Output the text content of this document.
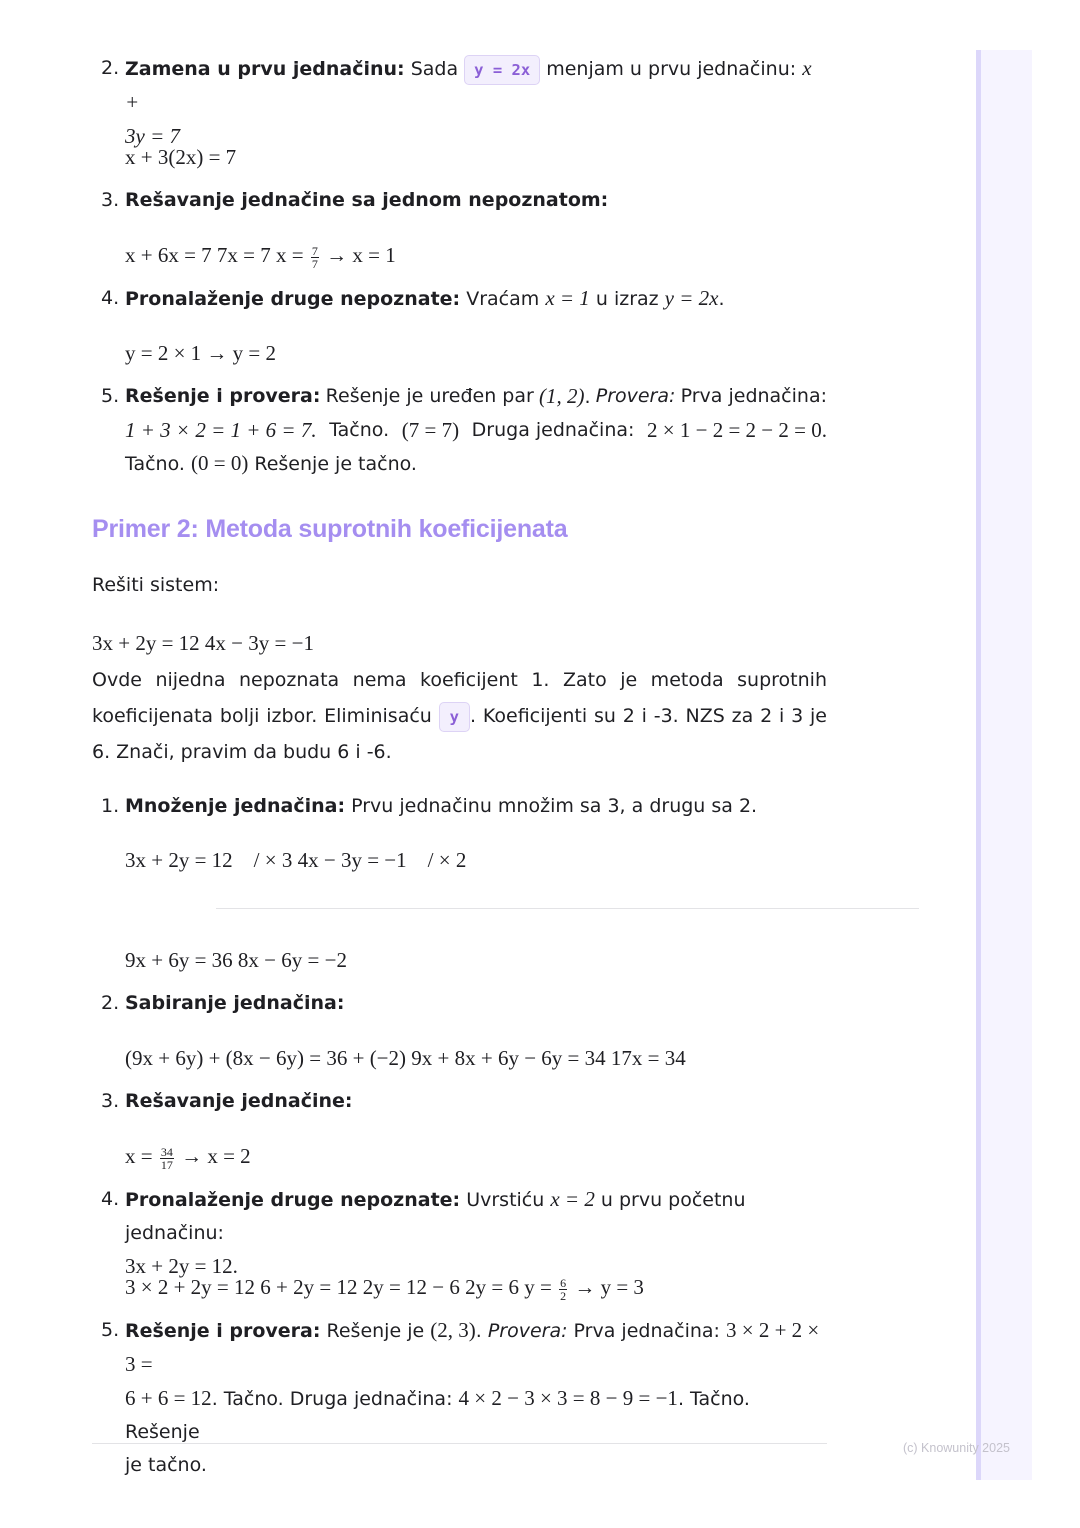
2. Zamena u prvu jednačinu: Sada y = 2x menjam u prvu jednačinu: x +
3y = 7
x + 3(2x) = 7
3. Rešavanje jednačine sa jednom nepoznatom:
x + 6x = 7 7x = 7 $x = \frac{7}{7} \to x = 1$
4. Pronalaženje druge nepoznate: Vraćam x = 1 u izraz y = 2x.
y = 2 × 1 → y = 2
5. Rešenje i provera: Rešenje je uređen par (1, 2). Provera: Prva jednačina:
1 + 3 × 2 = 1 + 6 = 7. Tačno. (7 = 7) Druga jednačina: 2 × 1 − 2 = 2 − 2 = 0.
Tačno. (0 = 0) Rešenje je tačno.
Primer 2: Metoda suprotnih koeficijenata
Rešiti sistem:
3x + 2y = 12 4x − 3y = −1
Ovde nijedna nepoznata nema koeficijent 1. Zato je metoda suprotnih koeficijenata bolji izbor. Eliminisaću y . Koeficijenti su 2 i -3. NZS za 2 i 3 je 6. Znači, pravim da budu 6 i -6.
1. Množenje jednačina: Prvu jednačinu množim sa 3, a drugu sa 2.
3x + 2y = 12    / × 3 4x − 3y = −1    / × 2
9x + 6y = 36 8x − 6y = −2
2. Sabiranje jednačina:
(9x + 6y) + (8x − 6y) = 36 + (−2) 9x + 8x + 6y − 6y = 34 17x = 34
3. Rešavanje jednačine:
$x = \frac{34}{17} \to x = 2$
4. Pronalaženje druge nepoznate: Uvrstiću x = 2 u prvu početnu jednačinu:
3x + 2y = 12.
3 × 2 + 2y = 12 6 + 2y = 12 2y = 12 − 6 2y = 6 $y = \frac{6}{2} \to y = 3$
5. Rešenje i provera: Rešenje je (2, 3). Provera: Prva jednačina: 3 × 2 + 2 × 3 =
6 + 6 = 12. Tačno. Druga jednačina: 4 × 2 − 3 × 3 = 8 − 9 = −1. Tačno. Rešenje
je tačno.
(c) Knowunity 2025
